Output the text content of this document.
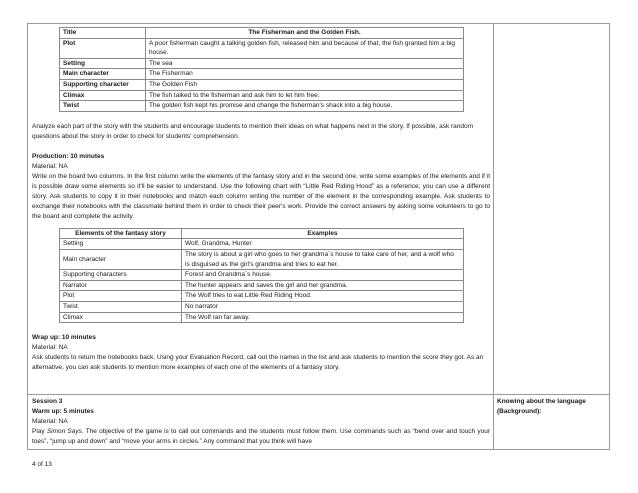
Title	The Fisherman and the Golden Fish.
Plot	A poor fisherman caught a talking golden fish, released him and because of that, the fish granted him a big house.
Setting	The sea
Main character	The Fisherman
Supporting character	The Golden Fish
Climax	The fish talked to the fisherman and ask him to let him free.
Twist	The golden fish kept his promise and change the fisherman's shack into a big house.

Analyze each part of the story with the students and encourage students to mention their ideas on what happens next in the story. If possible, ask random questions about the story in order to check for students' comprehension.

Production: 10 minutes

Material: NA

Write on the board two columns. In the first column write the elements of the fantasy story and in the second one, write some examples of the elements and if it is possible draw some elements so it'll be easier to understand. Use the following chart with “Little Red Riding Hood” as a reference; you can use a different story. Ask students to copy it in their notebooks and match each column writing the number of the element in the corresponding example. Ask students to exchange their notebooks with the classmate behind them in order to check their peer's work. Provide the correct answers by asking some volunteers to go to the board and complete the activity.

Elements of the fantasy story	Examples
Setting	Wolf, Grandma, Hunter
Main character	The story is about a girl who goes to her grandma´s house to take care of her, and a wolf who is disguised as the girl's grandma and tries to eat her.
Supporting characters	Forest and Grandma´s house.
Narrator	The hunter appears and saves the girl and her grandma.
Plot	The Wolf tries to eat Little Red Riding Hood.
Twist	No narrator
Climax	The Wolf ran far away.

Wrap up: 10 minutes

Material: NA

Ask students to return the notebooks back. Using your Evaluation Record, call out the names in the list and ask students to mention the score they got. As an alternative, you can ask students to mention more examples of each one of the elements of a fantasy story.

Session 3

Warm up: 5 minutes

Material: NA

Play Simon Says. The objective of the game is to call out commands and the students must follow them. Use commands such as “bend over and touch your toes”, “jump up and down” and “move your arms in circles.” Any command that you think will have

Knowing about the language

(Background):

4 of 13
